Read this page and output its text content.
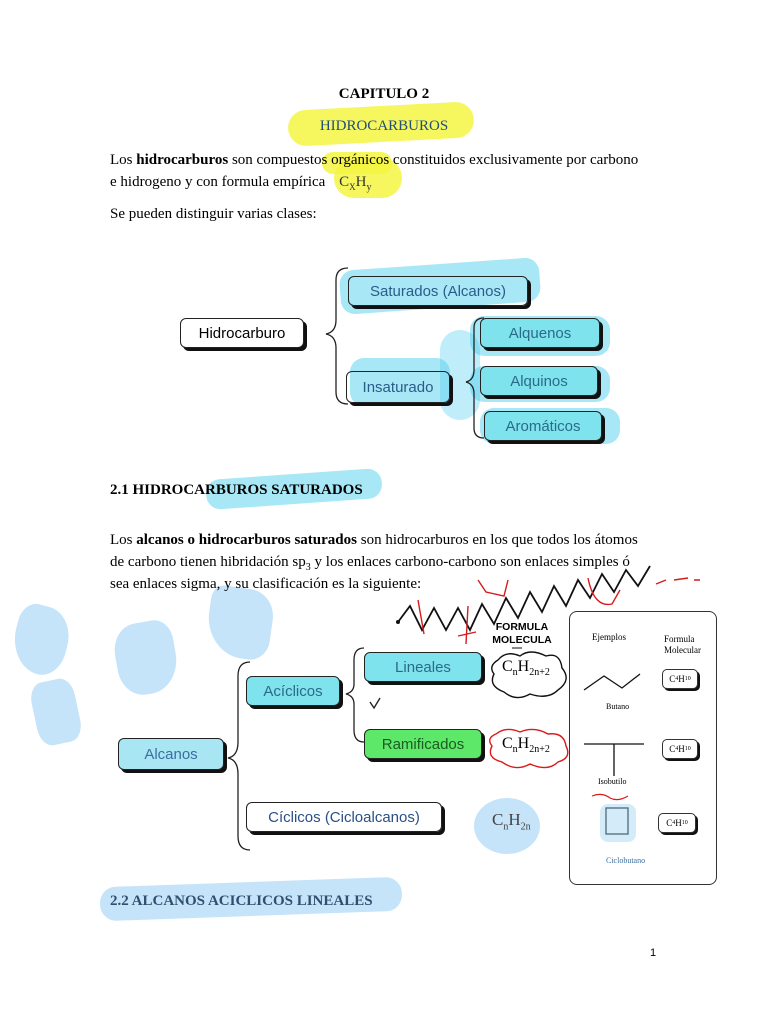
CAPITULO 2
HIDROCARBUROS
Los hidrocarburos son compuestos orgánicos constituidos exclusivamente por carbono
e hidrogeno y con formula empírica $C_XH_y$
Se pueden distinguir varias clases:
Hidrocarburo
Saturados (Alcanos)
Alquenos
Insaturado	Alquinos
Aromáticos
2.1 HIDROCARBUROS SATURADOS
Los alcanos o hidrocarburos saturados son hidrocarburos en los que todos los átomos
de carbono tienen hibridación $sp_3$ y los enlaces carbono-carbono son enlaces simples ó
sea enlaces sigma, y su clasificación es la siguiente:
FORMULA
MOLECULA
Acíclicos
Lineales
Ramificados
Alcanos
Cíclicos (Cicloalcanos)
$C_nH_{2n+2}$
$C_nH_{2n+2}$
$C_nH_{2n}$
Ejemplos	Formula
Molecular
Butano
Isobutilo
Ciclobutano
C 4 H 10
C 4 H 10
C 4 H 10
2.2 ALCANOS ACICLICOS LINEALES
1
